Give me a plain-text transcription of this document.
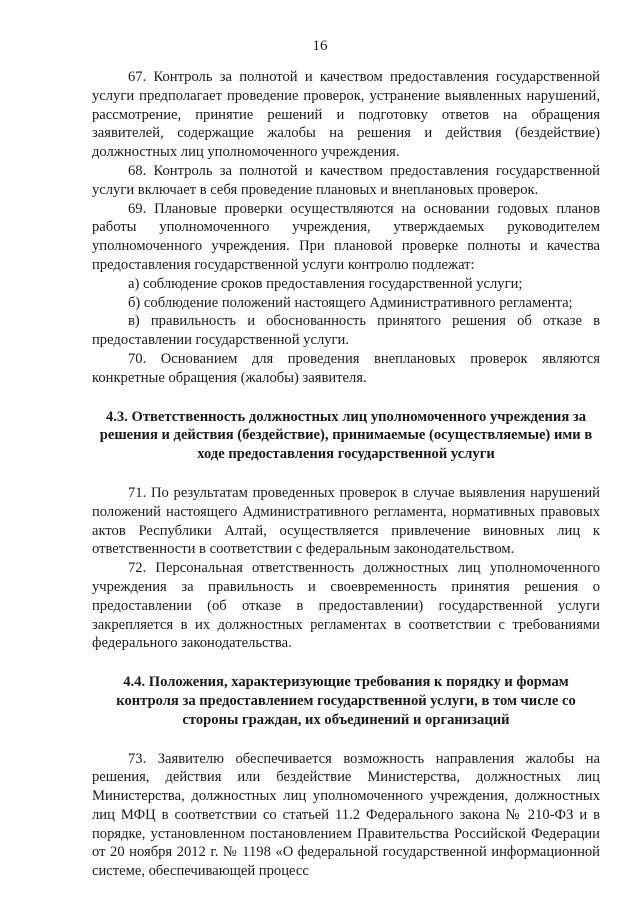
16

67. Контроль за полнотой и качеством предоставления государственной услуги предполагает проведение проверок, устранение выявленных нарушений, рассмотрение, принятие решений и подготовку ответов на обращения заявителей, содержащие жалобы на решения и действия (бездействие) должностных лиц уполномоченного учреждения.

68. Контроль за полнотой и качеством предоставления государственной услуги включает в себя проведение плановых и внеплановых проверок.

69. Плановые проверки осуществляются на основании годовых планов работы уполномоченного учреждения, утверждаемых руководителем уполномоченного учреждения. При плановой проверке полноты и качества предоставления государственной услуги контролю подлежат:

а) соблюдение сроков предоставления государственной услуги;

б) соблюдение положений настоящего Административного регламента;

в) правильность и обоснованность принятого решения об отказе в предоставлении государственной услуги.

70. Основанием для проведения внеплановых проверок являются конкретные обращения (жалобы) заявителя.

4.3. Ответственность должностных лиц уполномоченного учреждения за решения и действия (бездействие), принимаемые (осуществляемые) ими в ходе предоставления государственной услуги

71. По результатам проведенных проверок в случае выявления нарушений положений настоящего Административного регламента, нормативных правовых актов Республики Алтай, осуществляется привлечение виновных лиц к ответственности в соответствии с федеральным законодательством.

72. Персональная ответственность должностных лиц уполномоченного учреждения за правильность и своевременность принятия решения о предоставлении (об отказе в предоставлении) государственной услуги закрепляется в их должностных регламентах в соответствии с требованиями федерального законодательства.

4.4. Положения, характеризующие требования к порядку и формам контроля за предоставлением государственной услуги, в том числе со стороны граждан, их объединений и организаций

73. Заявителю обеспечивается возможность направления жалобы на решения, действия или бездействие Министерства, должностных лиц Министерства, должностных лиц уполномоченного учреждения, должностных лиц МФЦ в соответствии со статьей 11.2 Федерального закона № 210-ФЗ и в порядке, установленном постановлением Правительства Российской Федерации от 20 ноября 2012 г. № 1198 «О федеральной государственной информационной системе, обеспечивающей процесс
